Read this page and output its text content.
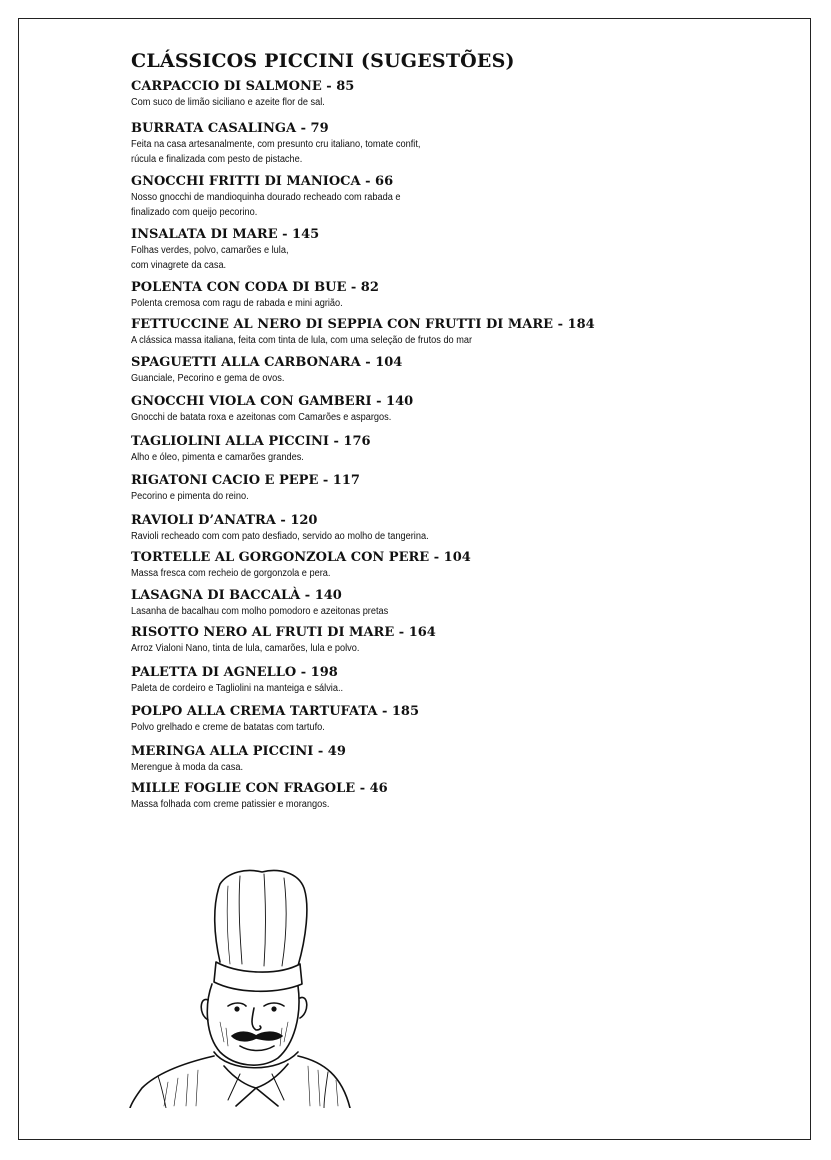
CLÁSSICOS PICCINI (SUGESTÕES)
CARPACCIO DI SALMONE - 85
Com suco de limão siciliano e azeite flor de sal.
BURRATA CASALINGA - 79
Feita na casa artesanalmente, com presunto cru italiano, tomate confit,
rúcula e finalizada com pesto de pistache.
GNOCCHI FRITTI DI MANIOCA - 66
Nosso gnocchi de mandioquinha dourado recheado com rabada e
finalizado com queijo pecorino.
INSALATA DI MARE - 145
Folhas verdes, polvo, camarões e lula,
com vinagrete da casa.
POLENTA CON CODA DI BUE - 82
Polenta cremosa com ragu de rabada e mini agrião.
FETTUCCINE AL NERO DI SEPPIA CON FRUTTI DI MARE - 184
A clássica massa italiana, feita com tinta de lula, com uma seleção de frutos do mar
SPAGUETTI ALLA CARBONARA - 104
Guanciale, Pecorino e gema de ovos.
GNOCCHI VIOLA CON GAMBERI - 140
Gnocchi de batata roxa e azeitonas com Camarões e aspargos.
TAGLIOLINI ALLA PICCINI - 176
Alho e óleo, pimenta e camarões grandes.
RIGATONI CACIO E PEPE - 117
Pecorino e pimenta do reino.
RAVIOLI D’ANATRA - 120
Ravioli recheado com com pato desfiado, servido ao molho de tangerina.
TORTELLE AL GORGONZOLA CON PERE - 104
Massa fresca com recheio de gorgonzola e pera.
LASAGNA DI BACCALÀ - 140
Lasanha de bacalhau com molho pomodoro e azeitonas pretas
RISOTTO NERO AL FRUTI DI MARE - 164
Arroz Vialoni Nano, tinta de lula, camarões, lula e polvo.
PALETTA DI AGNELLO - 198
Paleta de cordeiro e Tagliolini na manteiga e sálvia..
POLPO ALLA CREMA TARTUFATA - 185
Polvo grelhado e creme de batatas com tartufo.
MERINGA ALLA PICCINI - 49
Merengue à moda da casa.
MILLE FOGLIE CON FRAGOLE - 46
Massa folhada com creme patissier e morangos.
